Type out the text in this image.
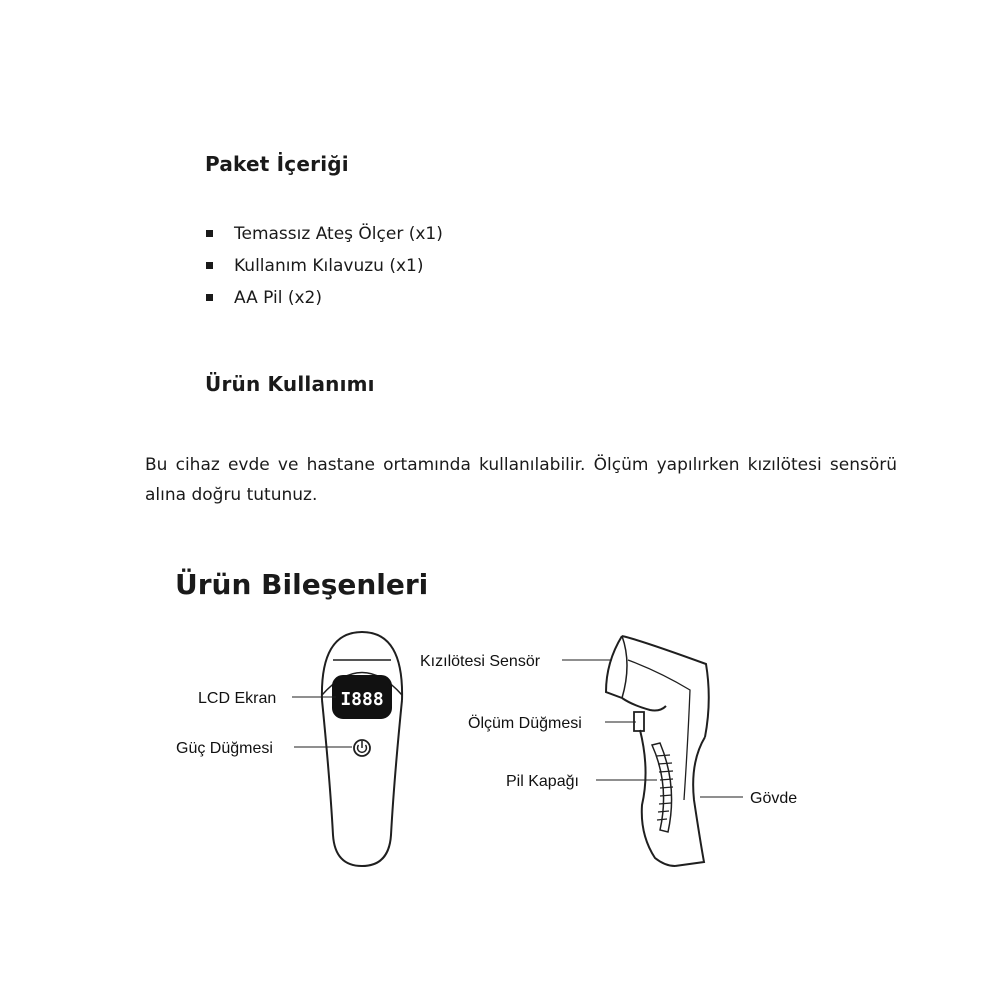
Paket İçeriği
Temassız Ateş Ölçer (x1)
Kullanım Kılavuzu (x1)
AA Pil (x2)
Ürün Kullanımı

Bu cihaz evde ve hastane ortamında kullanılabilir. Ölçüm yapılırken kızılötesi sensörü alına doğru tutunuz.

Ürün Bileşenleri
I888
LCD Ekran
Güç Düğmesi
Kızılötesi Sensör
Ölçüm Düğmesi
Pil Kapağı
Gövde
